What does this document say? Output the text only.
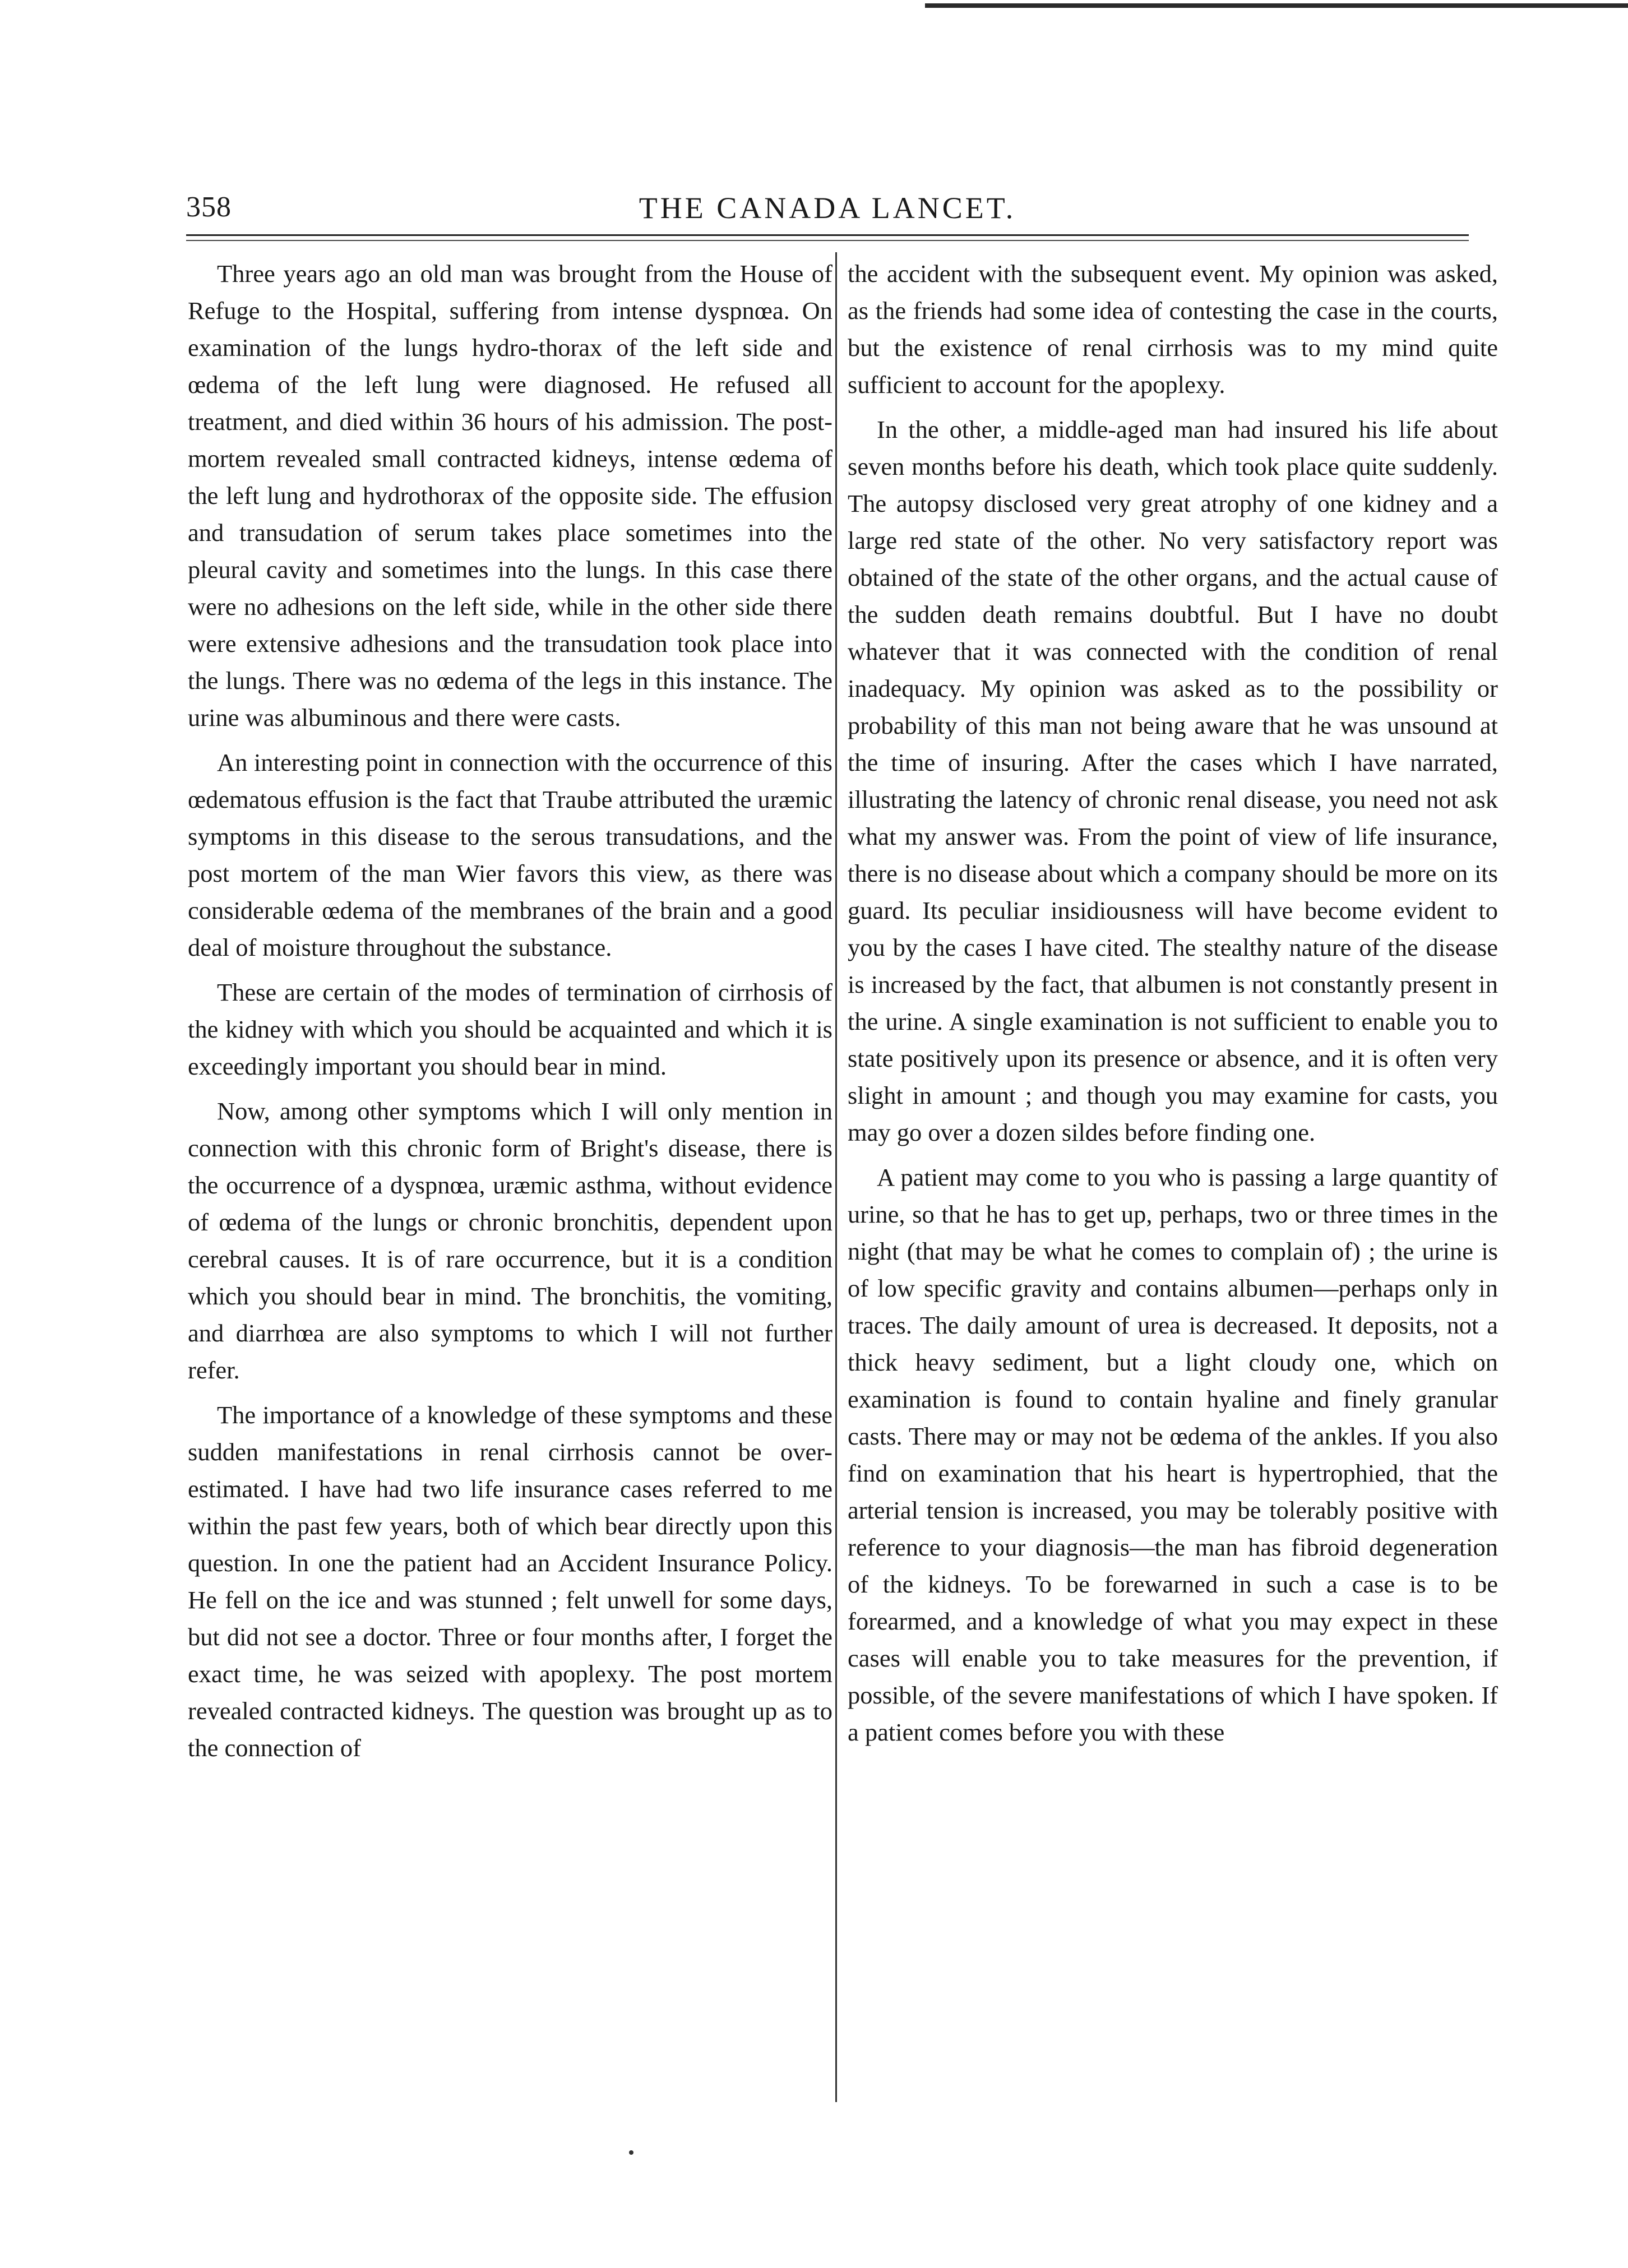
358	THE CANADA LANCET.

Three years ago an old man was brought from the House of Refuge to the Hospital, suffering from intense dyspnœa. On examination of the lungs hydro-thorax of the left side and œdema of the left lung were diagnosed. He refused all treatment, and died within 36 hours of his admission. The post-mortem revealed small contracted kidneys, intense œdema of the left lung and hydrothorax of the opposite side. The effusion and transudation of serum takes place sometimes into the pleural cavity and sometimes into the lungs. In this case there were no adhesions on the left side, while in the other side there were extensive adhesions and the transudation took place into the lungs. There was no œdema of the legs in this instance. The urine was albuminous and there were casts.

An interesting point in connection with the occurrence of this œdematous effusion is the fact that Traube attributed the uræmic symptoms in this disease to the serous transudations, and the post mortem of the man Wier favors this view, as there was considerable œdema of the membranes of the brain and a good deal of moisture throughout the substance.

These are certain of the modes of termination of cirrhosis of the kidney with which you should be acquainted and which it is exceedingly important you should bear in mind.

Now, among other symptoms which I will only mention in connection with this chronic form of Bright's disease, there is the occurrence of a dyspnœa, uræmic asthma, without evidence of œdema of the lungs or chronic bronchitis, dependent upon cerebral causes. It is of rare occurrence, but it is a condition which you should bear in mind. The bronchitis, the vomiting, and diarrhœa are also symptoms to which I will not further refer.

The importance of a knowledge of these symptoms and these sudden manifestations in renal cirrhosis cannot be over-estimated. I have had two life insurance cases referred to me within the past few years, both of which bear directly upon this question. In one the patient had an Accident Insurance Policy. He fell on the ice and was stunned ; felt unwell for some days, but did not see a doctor. Three or four months after, I forget the exact time, he was seized with apoplexy. The post mortem revealed contracted kidneys. The question was brought up as to the connection of

the accident with the subsequent event. My opinion was asked, as the friends had some idea of contesting the case in the courts, but the existence of renal cirrhosis was to my mind quite sufficient to account for the apoplexy.

In the other, a middle-aged man had insured his life about seven months before his death, which took place quite suddenly. The autopsy disclosed very great atrophy of one kidney and a large red state of the other. No very satisfactory report was obtained of the state of the other organs, and the actual cause of the sudden death remains doubtful. But I have no doubt whatever that it was connected with the condition of renal inadequacy. My opinion was asked as to the possibility or probability of this man not being aware that he was unsound at the time of insuring. After the cases which I have narrated, illustrating the latency of chronic renal disease, you need not ask what my answer was. From the point of view of life insurance, there is no disease about which a company should be more on its guard. Its peculiar insidiousness will have become evident to you by the cases I have cited. The stealthy nature of the disease is increased by the fact, that albumen is not constantly present in the urine. A single examination is not sufficient to enable you to state positively upon its presence or absence, and it is often very slight in amount ; and though you may examine for casts, you may go over a dozen sildes before finding one.

A patient may come to you who is passing a large quantity of urine, so that he has to get up, perhaps, two or three times in the night (that may be what he comes to complain of) ; the urine is of low specific gravity and contains albumen—perhaps only in traces. The daily amount of urea is decreased. It deposits, not a thick heavy sediment, but a light cloudy one, which on examination is found to contain hyaline and finely granular casts. There may or may not be œdema of the ankles. If you also find on examination that his heart is hypertrophied, that the arterial tension is increased, you may be tolerably positive with reference to your diagnosis—the man has fibroid degeneration of the kidneys. To be forewarned in such a case is to be forearmed, and a knowledge of what you may expect in these cases will enable you to take measures for the prevention, if possible, of the severe manifestations of which I have spoken. If a patient comes before you with these
